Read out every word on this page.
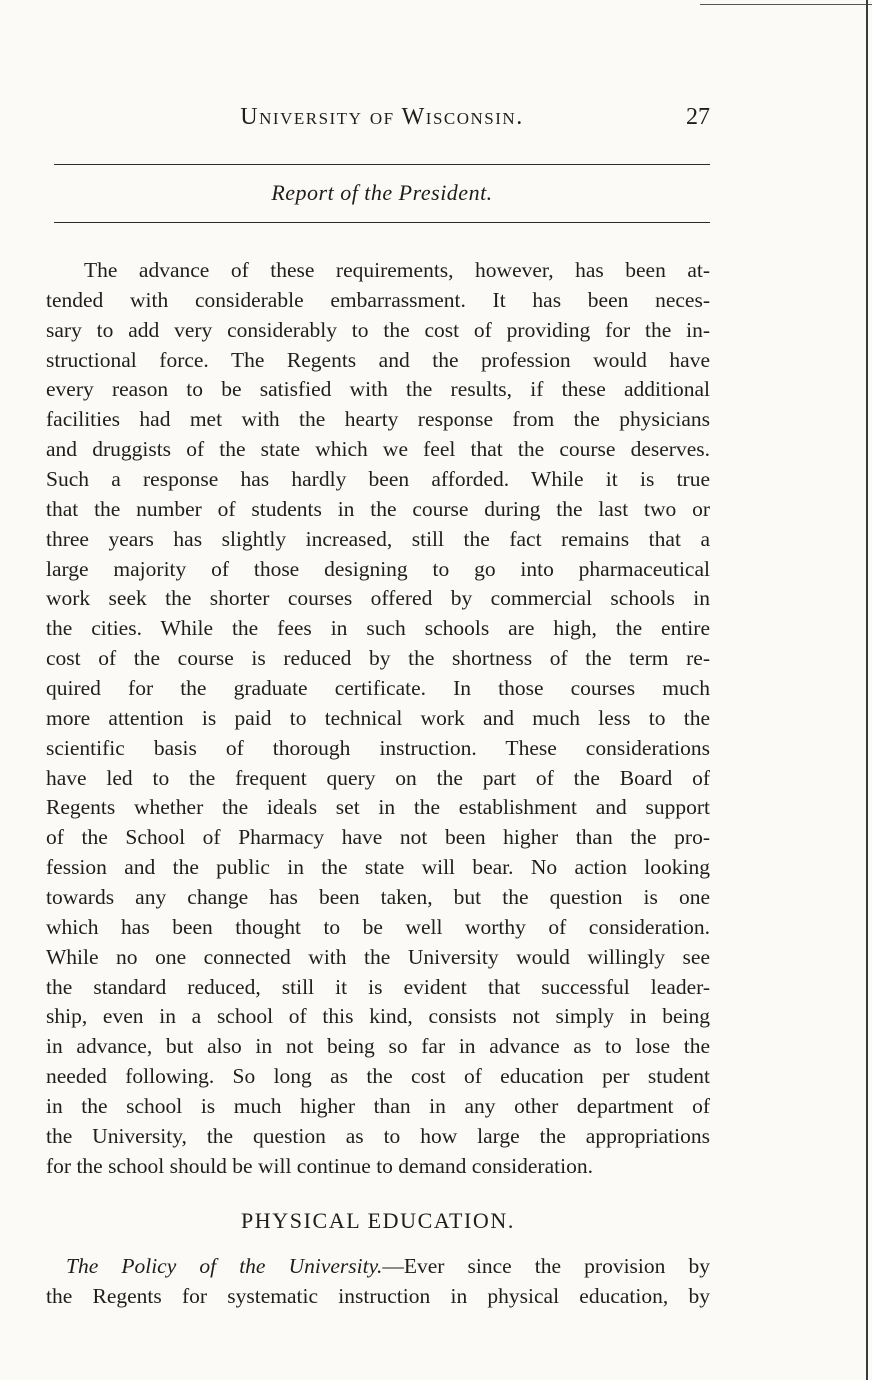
University of Wisconsin.	27
Report of the President.
The advance of these requirements, however, has been at-
tended with considerable embarrassment. It has been neces-
sary to add very considerably to the cost of providing for the in-
structional force. The Regents and the profession would have
every reason to be satisfied with the results, if these additional
facilities had met with the hearty response from the physicians
and druggists of the state which we feel that the course deserves.
Such a response has hardly been afforded. While it is true
that the number of students in the course during the last two or
three years has slightly increased, still the fact remains that a
large majority of those designing to go into pharmaceutical
work seek the shorter courses offered by commercial schools in
the cities. While the fees in such schools are high, the entire
cost of the course is reduced by the shortness of the term re-
quired for the graduate certificate. In those courses much
more attention is paid to technical work and much less to the
scientific basis of thorough instruction. These considerations
have led to the frequent query on the part of the Board of
Regents whether the ideals set in the establishment and support
of the School of Pharmacy have not been higher than the pro-
fession and the public in the state will bear. No action looking
towards any change has been taken, but the question is one
which has been thought to be well worthy of consideration.
While no one connected with the University would willingly see
the standard reduced, still it is evident that successful leader-
ship, even in a school of this kind, consists not simply in being
in advance, but also in not being so far in advance as to lose the
needed following. So long as the cost of education per student
in the school is much higher than in any other department of
the University, the question as to how large the appropriations
for the school should be will continue to demand consideration.
PHYSICAL EDUCATION.
The Policy of the University.—Ever since the provision by
the Regents for systematic instruction in physical education, by
